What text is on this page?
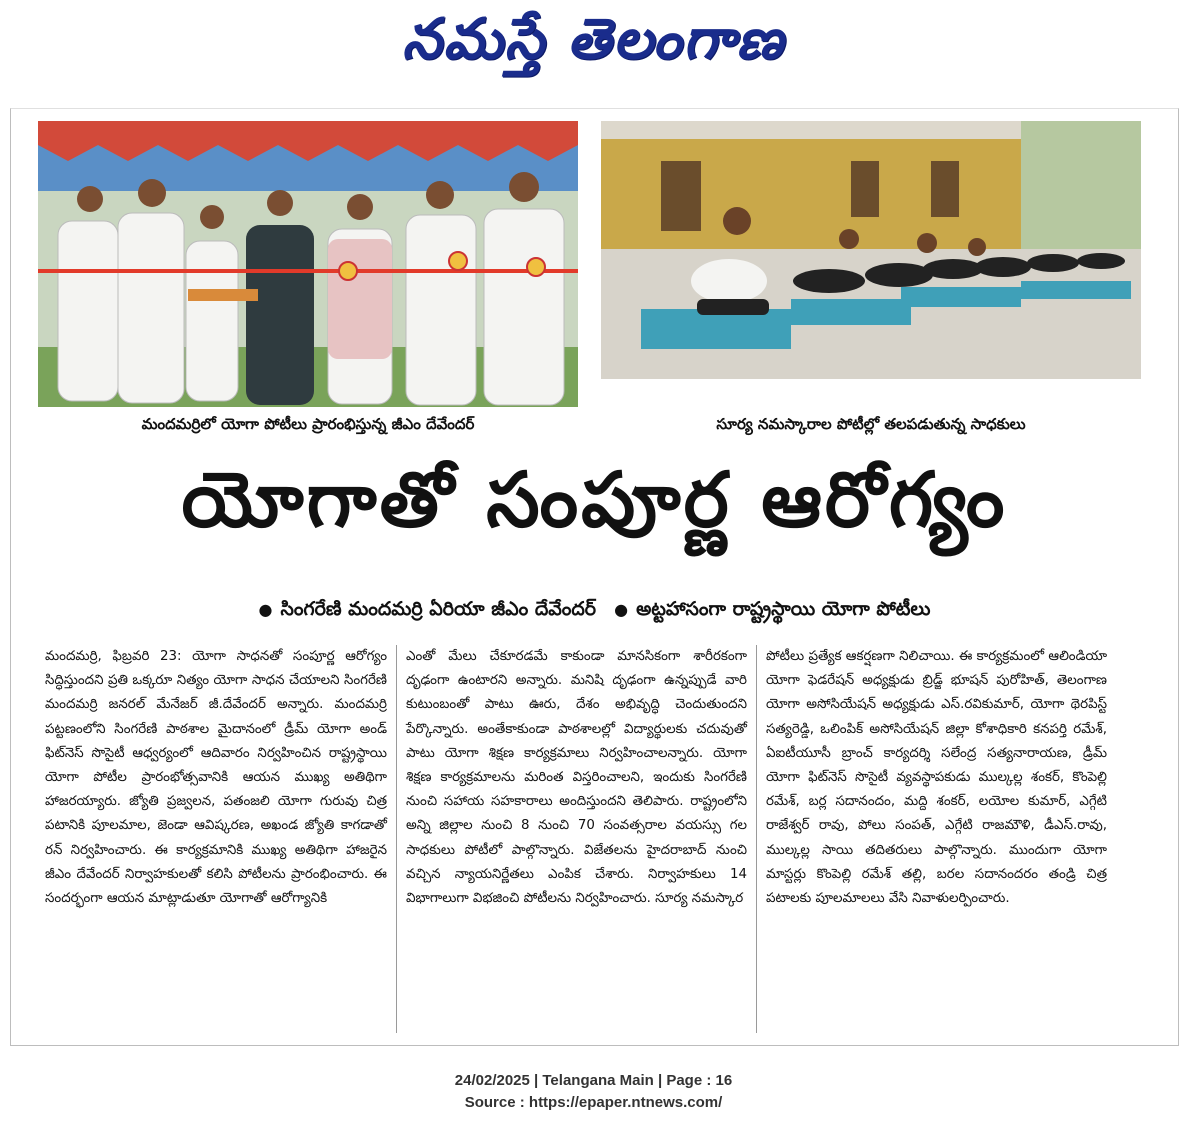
నమస్తే తెలంగాణ
మందమర్రిలో యోగా పోటీలు ప్రారంభిస్తున్న జీఎం దేవేందర్	సూర్య నమస్కారాల పోటీల్లో తలపడుతున్న సాధకులు
యోగాతో సంపూర్ణ ఆరోగ్యం
● సింగరేణి మందమర్రి ఏరియా జీఎం దేవేందర్ ● అట్టహాసంగా రాష్ట్రస్థాయి యోగా పోటీలు
మందమర్రి, ఫిబ్రవరి 23: యోగా సాధనతో సంపూర్ణ ఆరోగ్యం సిద్ధిస్తుందని ప్రతి ఒక్కరూ నిత్యం యోగా సాధన చేయాలని సింగరేణి మందమర్రి జనరల్ మేనేజర్ జీ.దేవేందర్ అన్నారు. మందమర్రి పట్టణంలోని సింగరేణి పాఠశాల మైదానంలో డ్రీమ్ యోగా అండ్ ఫిట్‌నెస్ సొసైటీ ఆధ్వర్యంలో ఆదివారం నిర్వహించిన రాష్ట్రస్థాయి యోగా పోటీల ప్రారంభోత్సవానికి ఆయన ముఖ్య అతిథిగా హాజరయ్యారు. జ్యోతి ప్రజ్వలన, పతంజలి యోగా గురువు చిత్ర పటానికి పూలమాల, జెండా ఆవిష్కరణ, అఖండ జ్యోతి కాగడాతో రన్ నిర్వహించారు. ఈ కార్యక్రమానికి ముఖ్య అతిథిగా హాజరైన జీఎం దేవేందర్ నిర్వాహకులతో కలిసి పోటీలను ప్రారంభించారు. ఈ సందర్భంగా ఆయన మాట్లాడుతూ యోగాతో ఆరోగ్యానికి
ఎంతో మేలు చేకూరడమే కాకుండా మానసికంగా శారీరకంగా దృఢంగా ఉంటారని అన్నారు. మనిషి దృఢంగా ఉన్నప్పుడే వారి కుటుంబంతో పాటు ఊరు, దేశం అభివృద్ధి చెందుతుందని పేర్కొన్నారు. అంతేకాకుండా పాఠశాలల్లో విద్యార్థులకు చదువుతో పాటు యోగా శిక్షణ కార్యక్రమాలు నిర్వహించాలన్నారు. యోగా శిక్షణ కార్యక్రమాలను మరింత విస్తరించాలని, ఇందుకు సింగరేణి నుంచి సహాయ సహకారాలు అందిస్తుందని తెలిపారు. రాష్ట్రంలోని అన్ని జిల్లాల నుంచి 8 నుంచి 70 సంవత్సరాల వయస్సు గల సాధకులు పోటీలో పాల్గొన్నారు. విజేతలను హైదరాబాద్ నుంచి వచ్చిన న్యాయనిర్ణేతలు ఎంపిక చేశారు. నిర్వాహకులు 14 విభాగాలుగా విభజించి పోటీలను నిర్వహించారు. సూర్య నమస్కార
పోటీలు ప్రత్యేక ఆకర్షణగా నిలిచాయి. ఈ కార్యక్రమంలో ఆలిండియా యోగా ఫెడరేషన్ అధ్యక్షుడు బ్రిడ్జ్ భూషన్ పురోహిత్, తెలంగాణ యోగా అసోసియేషన్ అధ్యక్షుడు ఎస్.రవికుమార్, యోగా థెరపిస్ట్ సత్యరెడ్డి, ఒలింపిక్ అసోసియేషన్ జిల్లా కోశాధికారి కనపర్తి రమేశ్, ఏఐటీయూసీ బ్రాంచ్ కార్యదర్శి సలేంద్ర సత్యనారాయణ, డ్రీమ్ యోగా ఫిట్‌నెస్ సొసైటీ వ్యవస్థాపకుడు ముల్కల్ల శంకర్, కొంపెల్లి రమేశ్, బర్ల సదానందం, మద్ది శంకర్, లయోల కుమార్, ఎగ్గేటి రాజేశ్వర్ రావు, పోలు సంపత్, ఎగ్గేటి రాజమౌళి, డీఎస్.రావు, ముల్కల్ల సాయి తదితరులు పాల్గొన్నారు. ముందుగా యోగా మాస్టర్లు కొంపెల్లి రమేశ్ తల్లి, బరల సదానందరం తండ్రి చిత్ర పటాలకు పూలమాలలు వేసి నివాళులర్పించారు.
24/02/2025 | Telangana Main | Page : 16
Source : https://epaper.ntnews.com/
